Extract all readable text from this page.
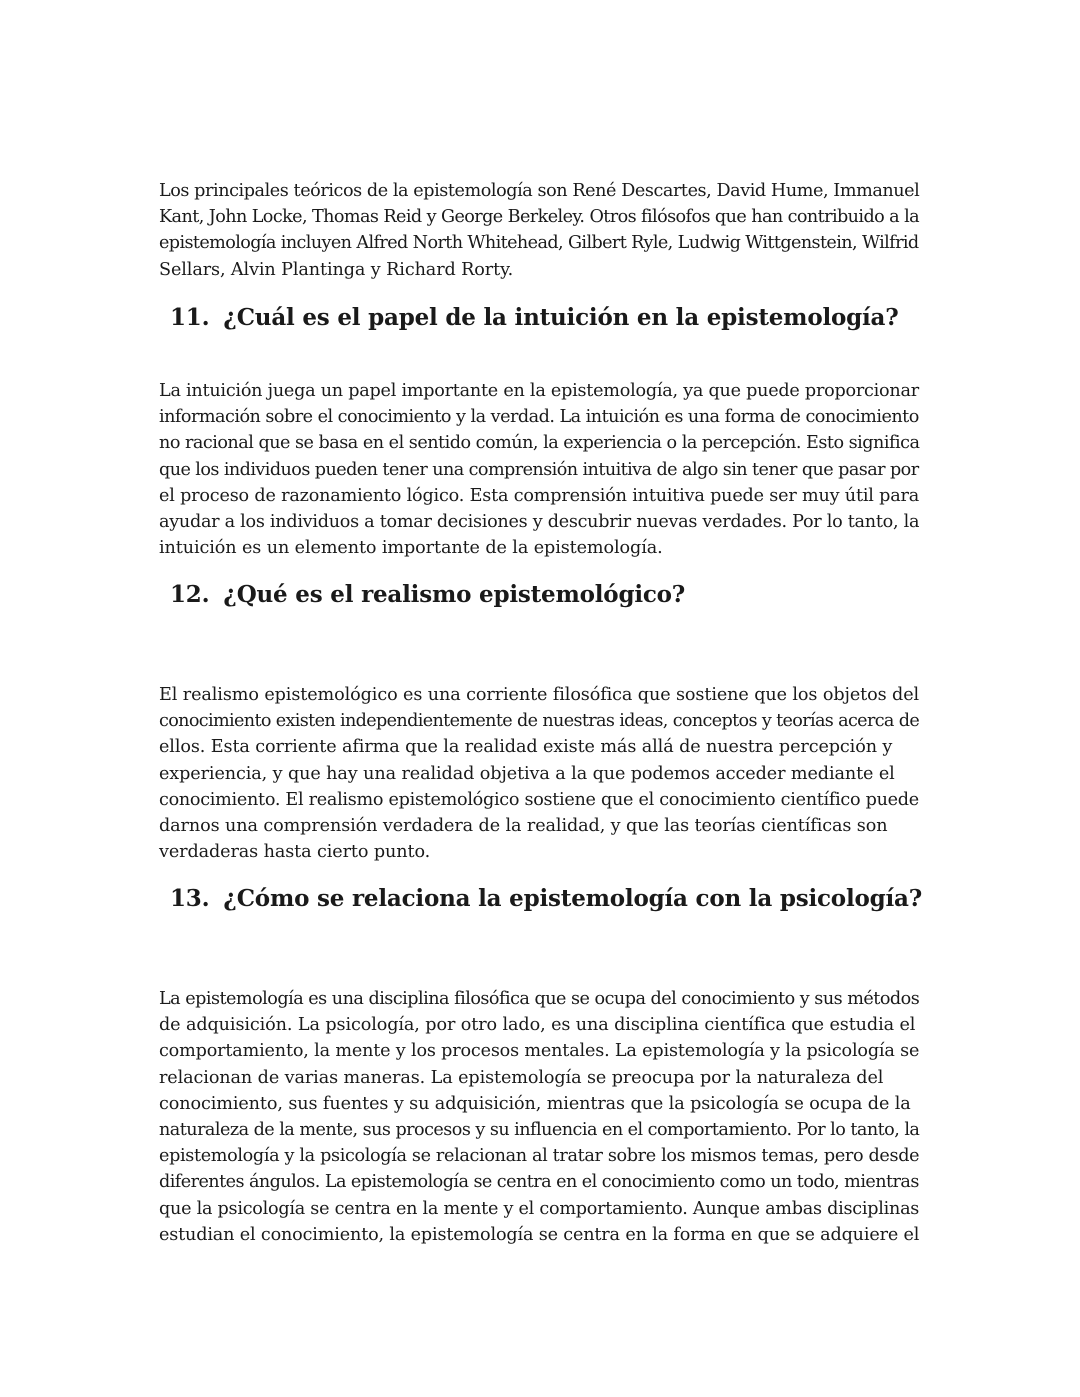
Los principales teóricos de la epistemología son René Descartes, David Hume, Immanuel
Kant, John Locke, Thomas Reid y George Berkeley. Otros filósofos que han contribuido a la
epistemología incluyen Alfred North Whitehead, Gilbert Ryle, Ludwig Wittgenstein, Wilfrid
Sellars, Alvin Plantinga y Richard Rorty.

11. ¿Cuál es el papel de la intuición en la epistemología?

La intuición juega un papel importante en la epistemología, ya que puede proporcionar
información sobre el conocimiento y la verdad. La intuición es una forma de conocimiento
no racional que se basa en el sentido común, la experiencia o la percepción. Esto significa
que los individuos pueden tener una comprensión intuitiva de algo sin tener que pasar por
el proceso de razonamiento lógico. Esta comprensión intuitiva puede ser muy útil para
ayudar a los individuos a tomar decisiones y descubrir nuevas verdades. Por lo tanto, la
intuición es un elemento importante de la epistemología.

12. ¿Qué es el realismo epistemológico?

El realismo epistemológico es una corriente filosófica que sostiene que los objetos del
conocimiento existen independientemente de nuestras ideas, conceptos y teorías acerca de
ellos. Esta corriente afirma que la realidad existe más allá de nuestra percepción y
experiencia, y que hay una realidad objetiva a la que podemos acceder mediante el
conocimiento. El realismo epistemológico sostiene que el conocimiento científico puede
darnos una comprensión verdadera de la realidad, y que las teorías científicas son
verdaderas hasta cierto punto.

13. ¿Cómo se relaciona la epistemología con la psicología?

La epistemología es una disciplina filosófica que se ocupa del conocimiento y sus métodos
de adquisición. La psicología, por otro lado, es una disciplina científica que estudia el
comportamiento, la mente y los procesos mentales. La epistemología y la psicología se
relacionan de varias maneras. La epistemología se preocupa por la naturaleza del
conocimiento, sus fuentes y su adquisición, mientras que la psicología se ocupa de la
naturaleza de la mente, sus procesos y su influencia en el comportamiento. Por lo tanto, la
epistemología y la psicología se relacionan al tratar sobre los mismos temas, pero desde
diferentes ángulos. La epistemología se centra en el conocimiento como un todo, mientras
que la psicología se centra en la mente y el comportamiento. Aunque ambas disciplinas
estudian el conocimiento, la epistemología se centra en la forma en que se adquiere el
